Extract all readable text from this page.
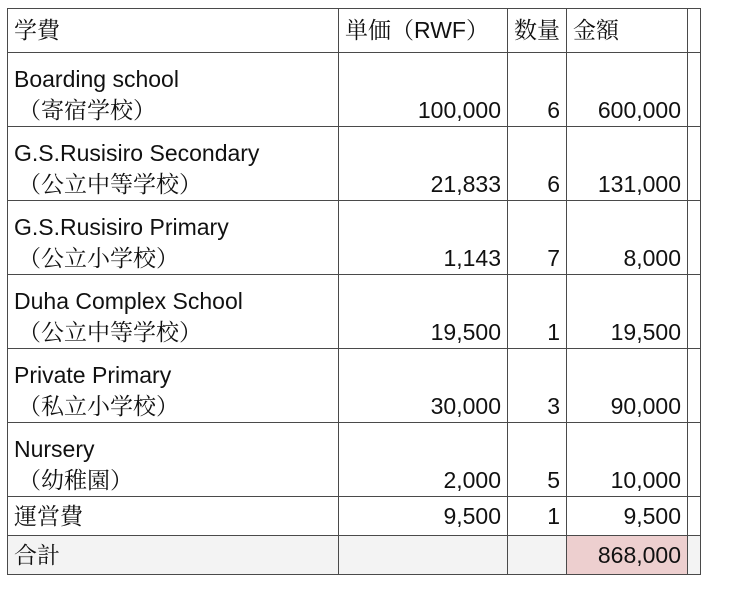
学費	単価（RWF）	数量	金額	

Boarding school
（寄宿学校）	100,000	6	600,000	

G.S.Rusisiro Secondary
（公立中等学校）	21,833	6	131,000	

G.S.Rusisiro Primary
（公立小学校）	1,143	7	8,000	

Duha Complex School
（公立中等学校）	19,500	1	19,500	

Private Primary
（私立小学校）	30,000	3	90,000	

Nursery
（幼稚園）	2,000	5	10,000	
運営費	9,500	1	9,500	
合計			868,000	
